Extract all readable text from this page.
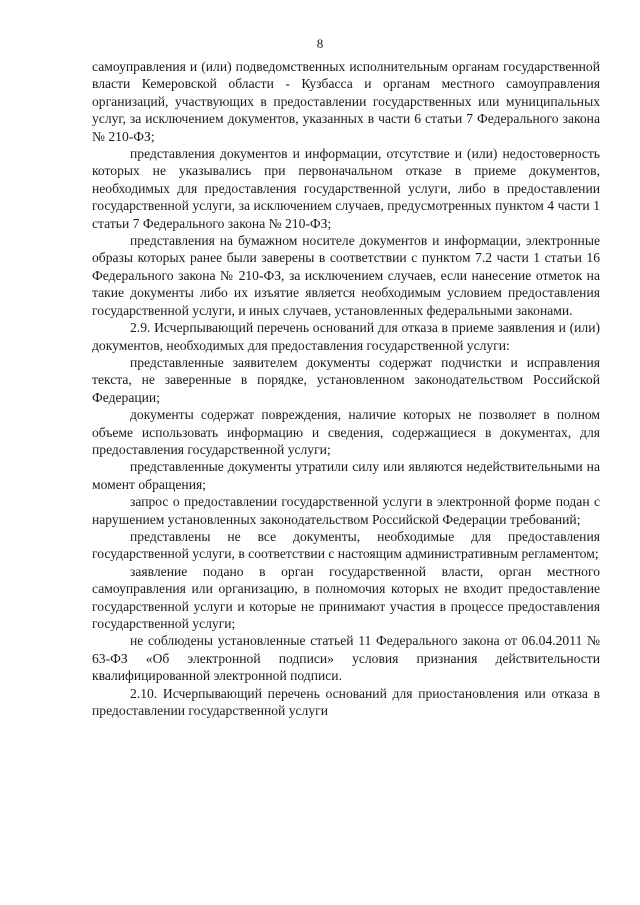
8

самоуправления и (или) подведомственных исполнительным органам государственной власти Кемеровской области - Кузбасса и органам местного самоуправления организаций, участвующих в предоставлении государственных или муниципальных услуг, за исключением документов, указанных в части 6 статьи 7 Федерального закона № 210-ФЗ;

представления документов и информации, отсутствие и (или) недостоверность которых не указывались при первоначальном отказе в приеме документов, необходимых для предоставления государственной услуги, либо в предоставлении государственной услуги, за исключением случаев, предусмотренных пунктом 4 части 1 статьи 7 Федерального закона № 210-ФЗ;

представления на бумажном носителе документов и информации, электронные образы которых ранее были заверены в соответствии с пунктом 7.2 части 1 статьи 16 Федерального закона № 210-ФЗ, за исключением случаев, если нанесение отметок на такие документы либо их изъятие является необходимым условием предоставления государственной услуги, и иных случаев, установленных федеральными законами.

2.9. Исчерпывающий перечень оснований для отказа в приеме заявления и (или) документов, необходимых для предоставления государственной услуги:

представленные заявителем документы содержат подчистки и исправления текста, не заверенные в порядке, установленном законодательством Российской Федерации;

документы содержат повреждения, наличие которых не позволяет в полном объеме использовать информацию и сведения, содержащиеся в документах, для предоставления государственной услуги;

представленные документы утратили силу или являются недействительными на момент обращения;

запрос о предоставлении государственной услуги в электронной форме подан с нарушением установленных законодательством Российской Федерации требований;

представлены не все документы, необходимые для предоставления государственной услуги, в соответствии с настоящим административным регламентом;

заявление подано в орган государственной власти, орган местного самоуправления или организацию, в полномочия которых не входит предоставление государственной услуги и которые не принимают участия в процессе предоставления государственной услуги;

не соблюдены установленные статьей 11 Федерального закона от 06.04.2011 № 63-ФЗ «Об электронной подписи» условия признания действительности квалифицированной электронной подписи.

2.10. Исчерпывающий перечень оснований для приостановления или отказа в предоставлении государственной услуги
